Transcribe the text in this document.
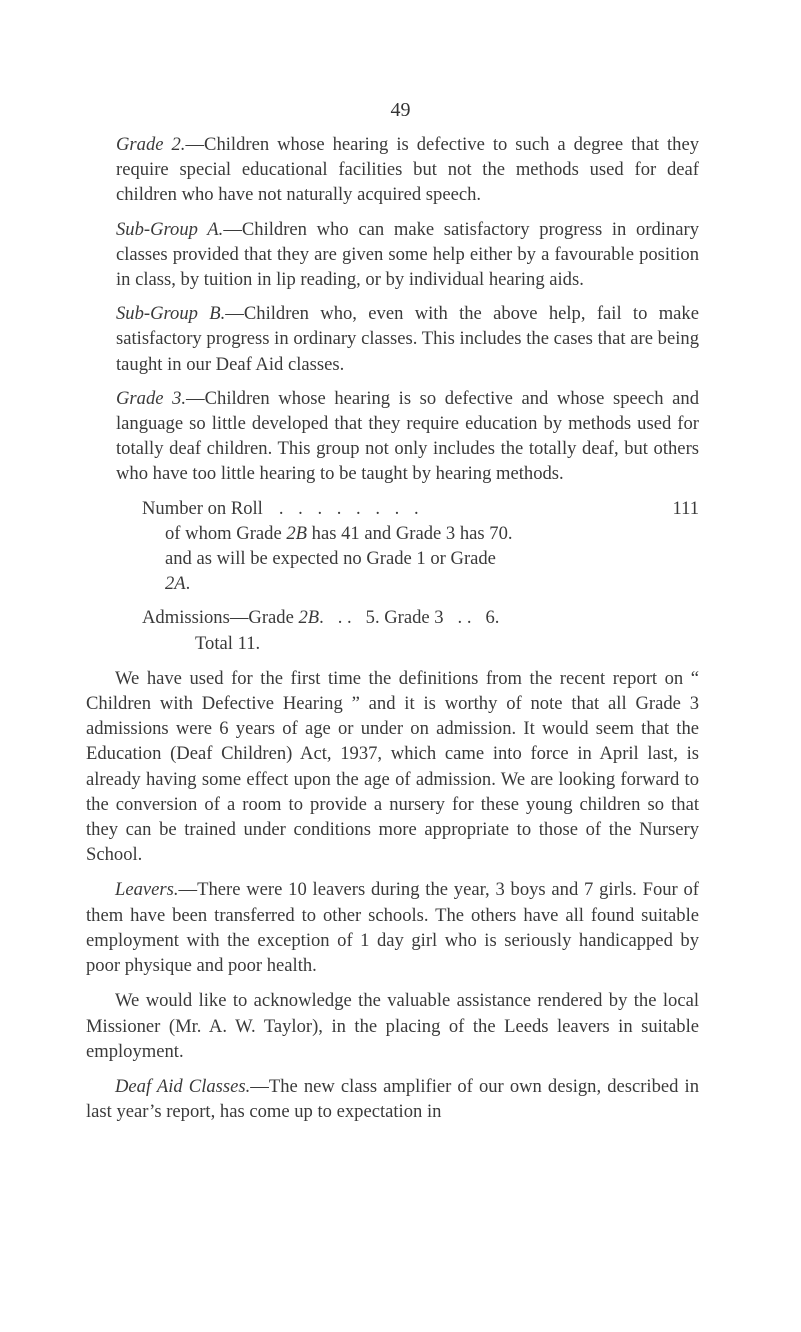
49

Grade 2.—Children whose hearing is defective to such a degree that they require special educational facilities but not the methods used for deaf children who have not naturally acquired speech.

Sub-Group A.—Children who can make satisfactory progress in ordinary classes provided that they are given some help either by a favourable position in class, by tuition in lip reading, or by individual hearing aids.

Sub-Group B.—Children who, even with the above help, fail to make satisfactory progress in ordinary classes. This includes the cases that are being taught in our Deaf Aid classes.

Grade 3.—Children whose hearing is so defective and whose speech and language so little developed that they require education by methods used for totally deaf children. This group not only includes the totally deaf, but others who have too little hearing to be taught by hearing methods.

Number on Roll . . . . . . . .	111
of whom Grade 2B has 41 and Grade 3 has 70.
and as will be expected no Grade 1 or Grade 2A.
Admissions—Grade 2B.   . .   5. Grade 3   . .   6.
Total 11.

We have used for the first time the definitions from the recent report on “ Children with Defective Hearing ” and it is worthy of note that all Grade 3 admissions were 6 years of age or under on admission. It would seem that the Education (Deaf Children) Act, 1937, which came into force in April last, is already having some effect upon the age of admission. We are looking forward to the conversion of a room to provide a nursery for these young children so that they can be trained under conditions more appropriate to those of the Nursery School.

Leavers.—There were 10 leavers during the year, 3 boys and 7 girls. Four of them have been transferred to other schools. The others have all found suitable employment with the exception of 1 day girl who is seriously handicapped by poor physique and poor health.

We would like to acknowledge the valuable assistance rendered by the local Missioner (Mr. A. W. Taylor), in the placing of the Leeds leavers in suitable employment.

Deaf Aid Classes.—The new class amplifier of our own design, described in last year’s report, has come up to expectation in
